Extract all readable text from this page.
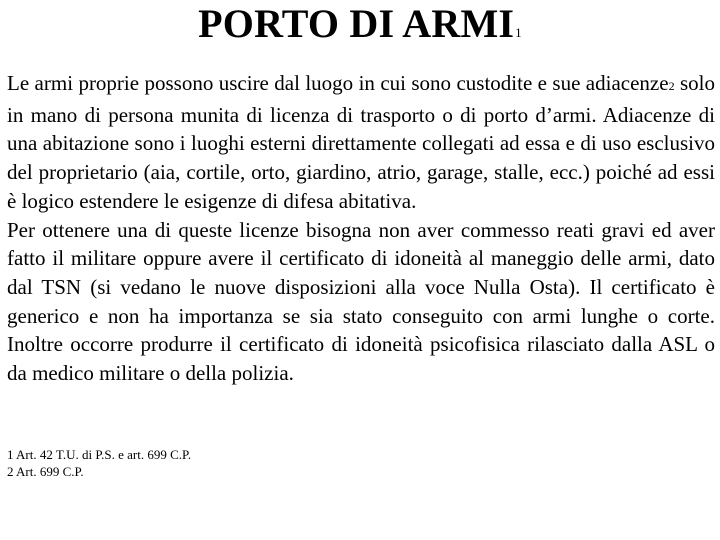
PORTO DI ARMI1

Le armi proprie possono uscire dal luogo in cui sono custodite e sue adiacenze2 solo in mano di persona munita di licenza di trasporto o di porto d’armi. Adiacenze di una abitazione sono i luoghi esterni direttamente collegati ad essa e di uso esclusivo del proprietario (aia, cortile, orto, giardino, atrio, garage, stalle, ecc.) poiché ad essi è logico estendere le esigenze di difesa abitativa.

Per ottenere una di queste licenze bisogna non aver commesso reati gravi ed aver fatto il militare oppure avere il certificato di idoneità al maneggio delle armi, dato dal TSN (si vedano le nuove disposizioni alla voce Nulla Osta). Il certificato è generico e non ha importanza se sia stato conseguito con armi lunghe o corte. Inoltre occorre produrre il certificato di idoneità psicofisica rilasciato dalla ASL o da medico militare o della polizia.

1 Art. 42 T.U. di P.S. e art. 699 C.P.
2 Art. 699 C.P.
